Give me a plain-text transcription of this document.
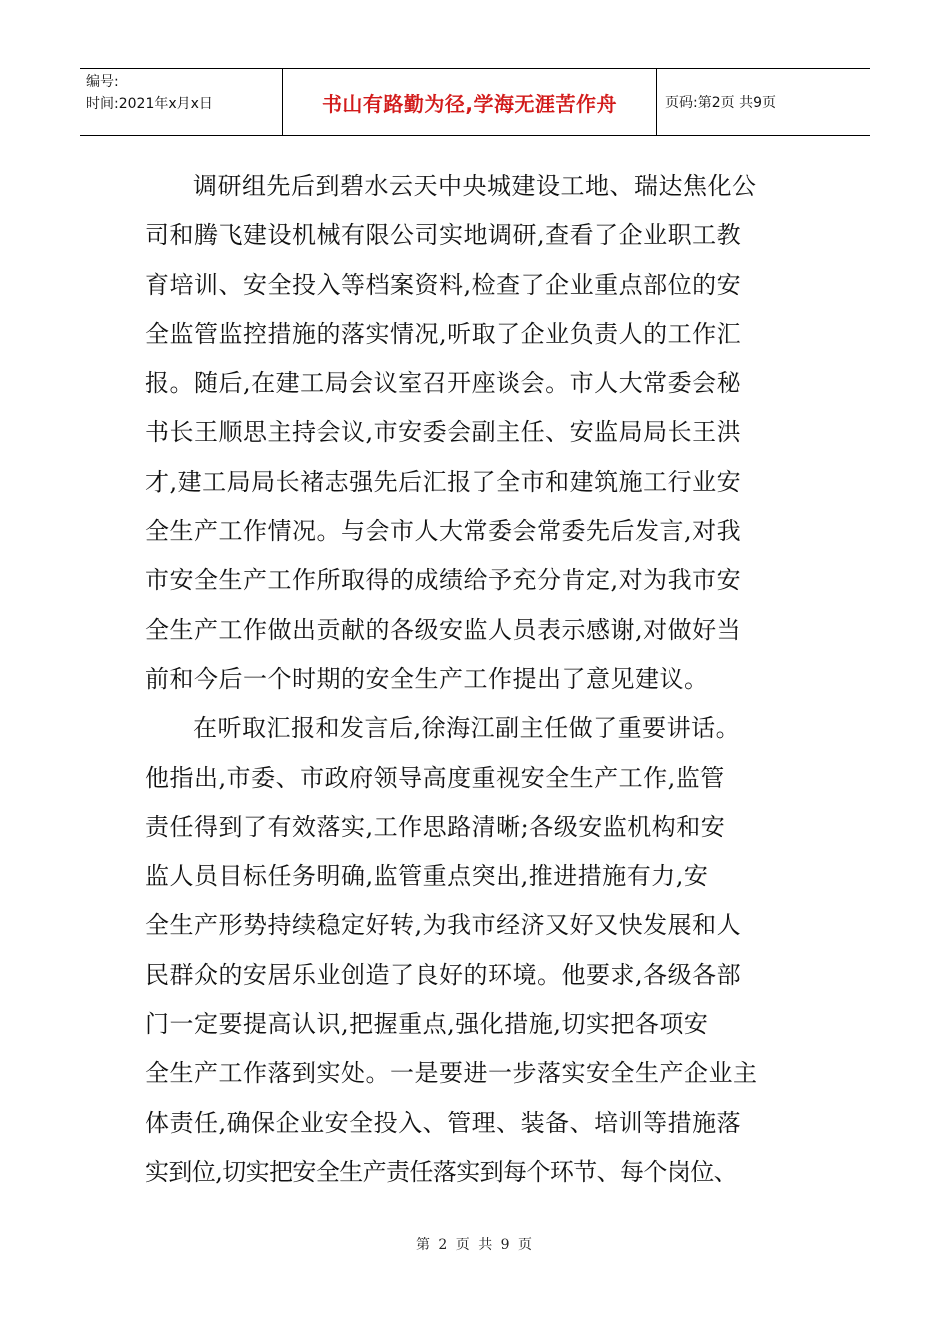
编号:
时间:2021年x月x日	书山有路勤为径,学海无涯苦作舟	页码:第2页 共9页
调研组先后到碧水云天中央城建设工地、瑞达焦化公
司和腾飞建设机械有限公司实地调研,查看了企业职工教
育培训、安全投入等档案资料,检查了企业重点部位的安
全监管监控措施的落实情况,听取了企业负责人的工作汇
报。随后,在建工局会议室召开座谈会。市人大常委会秘
书长王顺思主持会议,市安委会副主任、安监局局长王洪
才,建工局局长褚志强先后汇报了全市和建筑施工行业安
全生产工作情况。与会市人大常委会常委先后发言,对我
市安全生产工作所取得的成绩给予充分肯定,对为我市安
全生产工作做出贡献的各级安监人员表示感谢,对做好当
前和今后一个时期的安全生产工作提出了意见建议。
在听取汇报和发言后,徐海江副主任做了重要讲话。
他指出,市委、市政府领导高度重视安全生产工作,监管
责任得到了有效落实,工作思路清晰;各级安监机构和安
监人员目标任务明确,监管重点突出,推进措施有力,安
全生产形势持续稳定好转,为我市经济又好又快发展和人
民群众的安居乐业创造了良好的环境。他要求,各级各部
门一定要提高认识,把握重点,强化措施,切实把各项安
全生产工作落到实处。一是要进一步落实安全生产企业主
体责任,确保企业安全投入、管理、装备、培训等措施落
实到位,切实把安全生产责任落实到每个环节、每个岗位、
第 2 页 共 9 页
